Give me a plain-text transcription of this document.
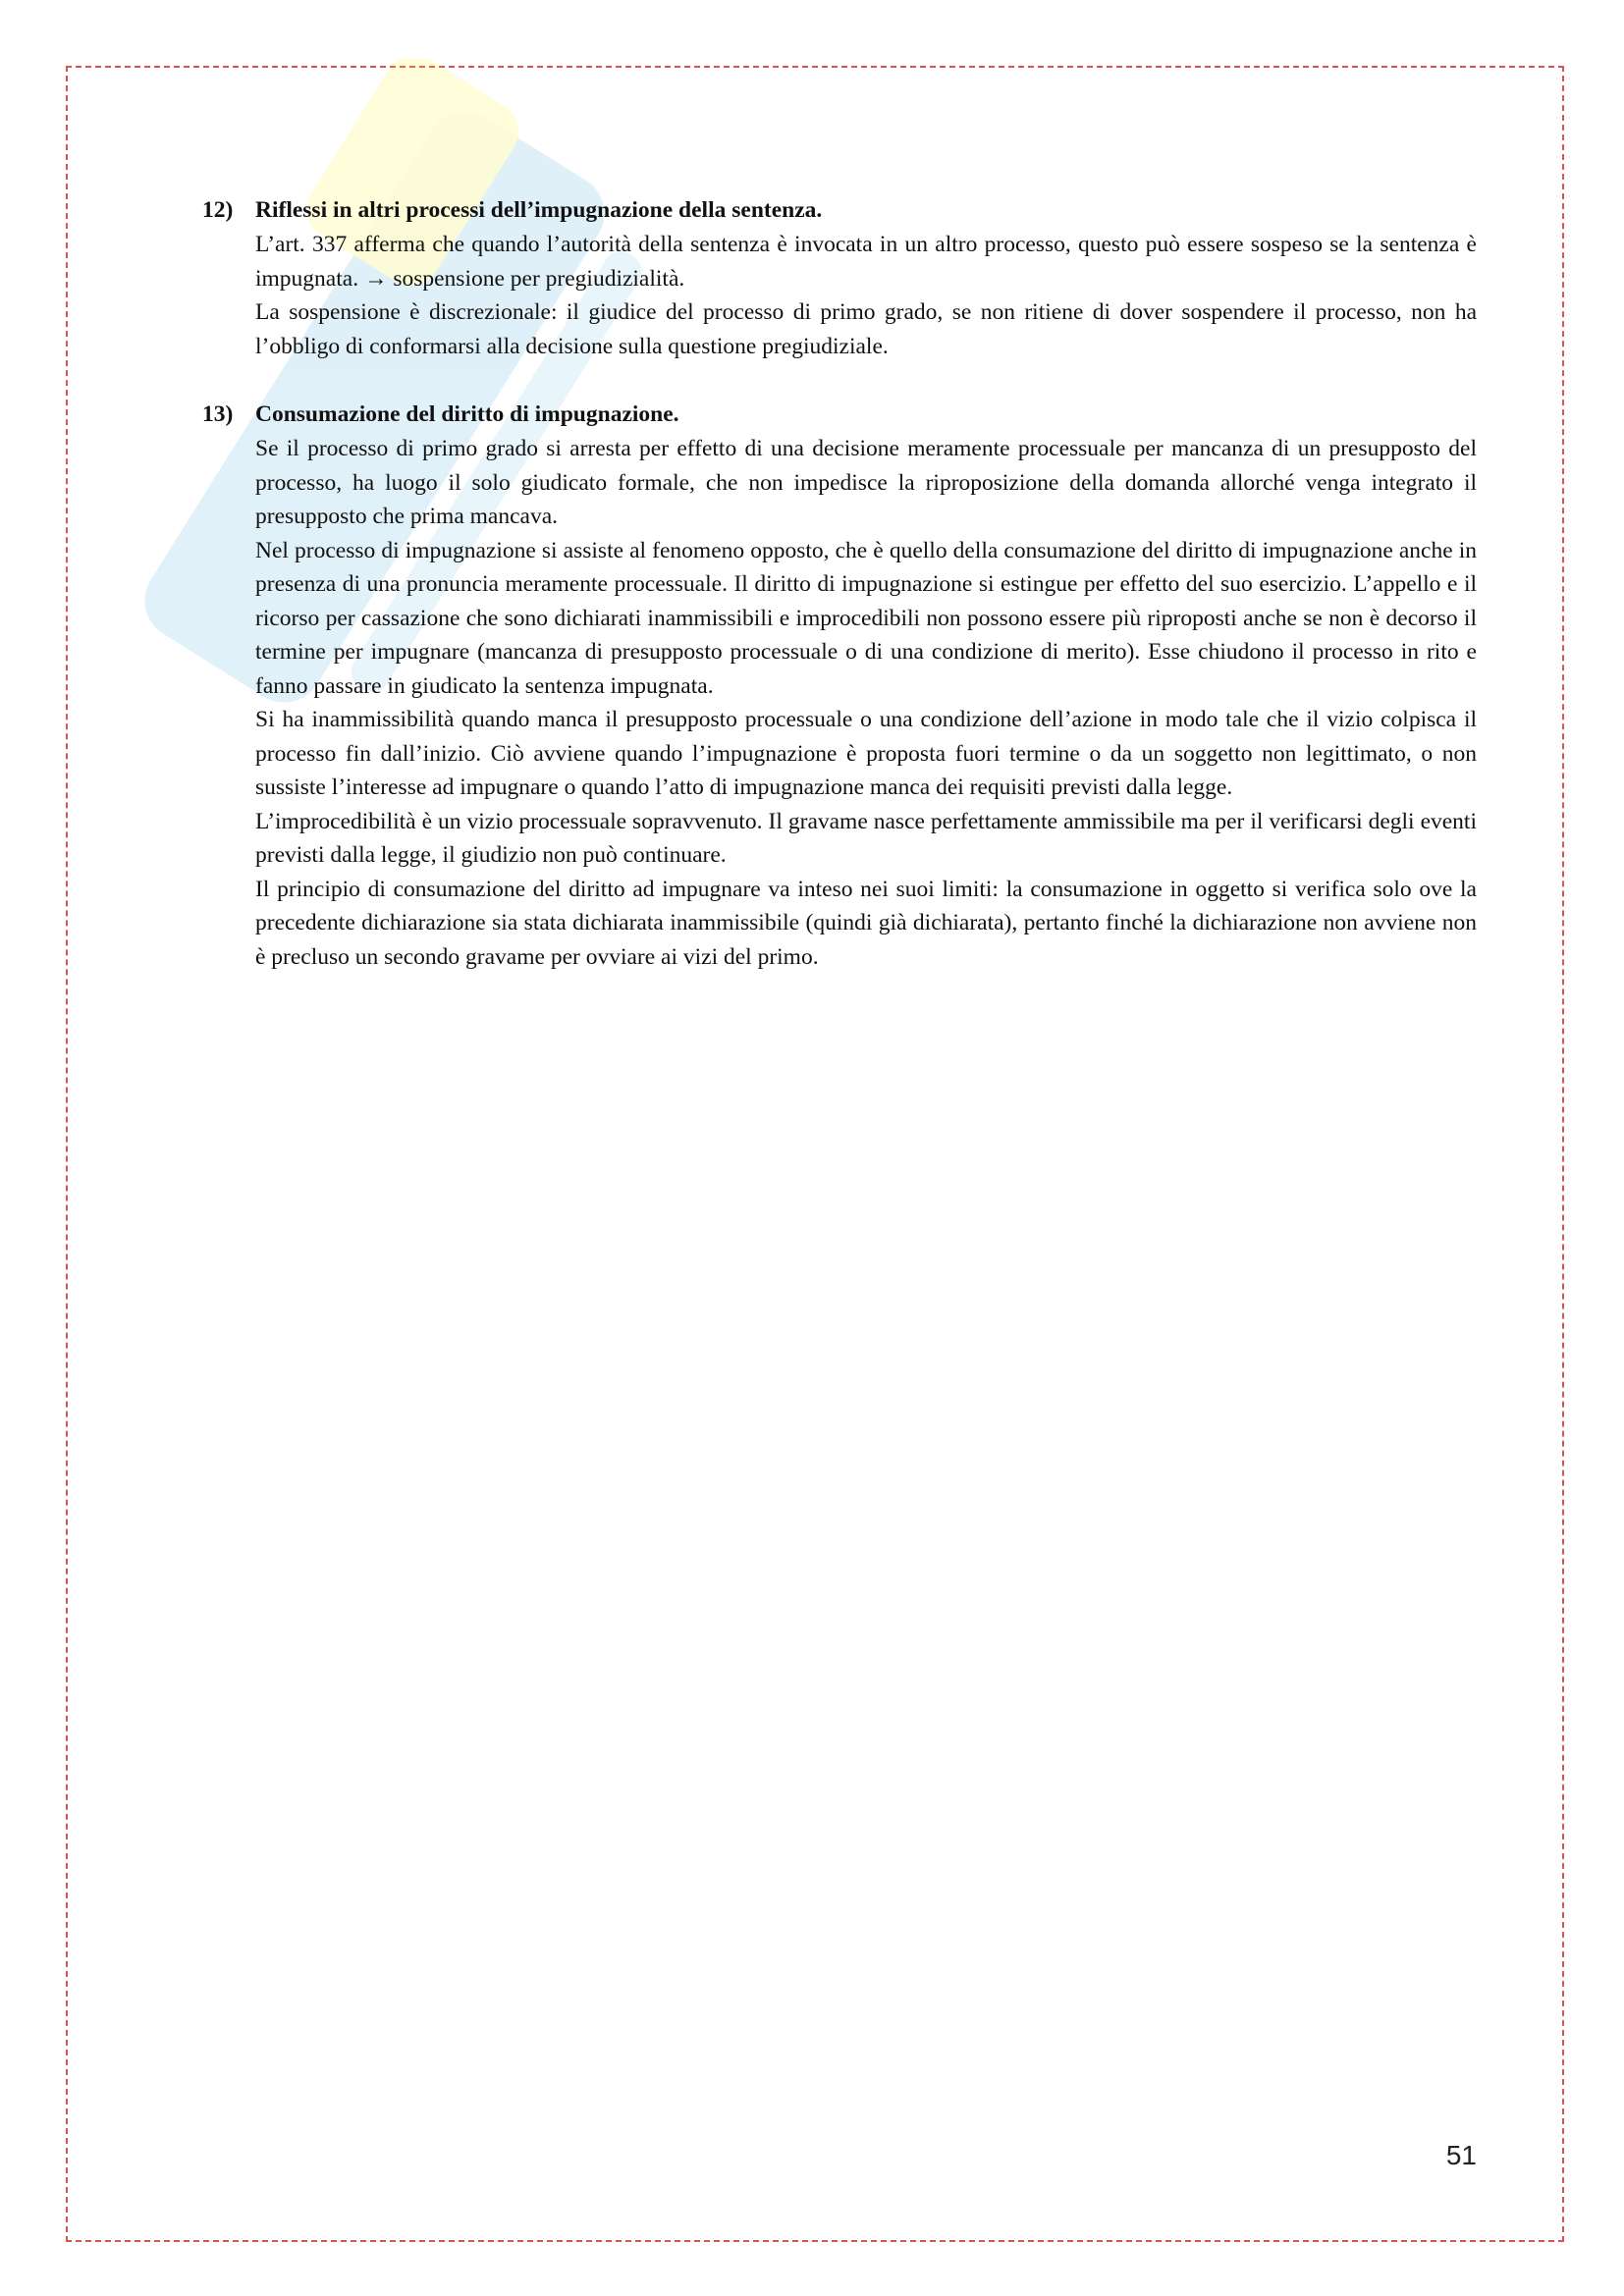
12) Riflessi in altri processi dell’impugnazione della sentenza.

L’art. 337 afferma che quando l’autorità della sentenza è invocata in un altro processo, questo può essere sospeso se la sentenza è impugnata. → sospensione per pregiudizialità.

La sospensione è discrezionale: il giudice del processo di primo grado, se non ritiene di dover sospendere il processo, non ha l’obbligo di conformarsi alla decisione sulla questione pregiudiziale.

13) Consumazione del diritto di impugnazione.

Se il processo di primo grado si arresta per effetto di una decisione meramente processuale per mancanza di un presupposto del processo, ha luogo il solo giudicato formale, che non impedisce la riproposizione della domanda allorché venga integrato il presupposto che prima mancava.

Nel processo di impugnazione si assiste al fenomeno opposto, che è quello della consumazione del diritto di impugnazione anche in presenza di una pronuncia meramente processuale. Il diritto di impugnazione si estingue per effetto del suo esercizio. L’appello e il ricorso per cassazione che sono dichiarati inammissibili e improcedibili non possono essere più riproposti anche se non è decorso il termine per impugnare (mancanza di presupposto processuale o di una condizione di merito). Esse chiudono il processo in rito e fanno passare in giudicato la sentenza impugnata.

Si ha inammissibilità quando manca il presupposto processuale o una condizione dell’azione in modo tale che il vizio colpisca il processo fin dall’inizio. Ciò avviene quando l’impugnazione è proposta fuori termine o da un soggetto non legittimato, o non sussiste l’interesse ad impugnare o quando l’atto di impugnazione manca dei requisiti previsti dalla legge.

L’improcedibilità è un vizio processuale sopravvenuto. Il gravame nasce perfettamente ammissibile ma per il verificarsi degli eventi previsti dalla legge, il giudizio non può continuare.

Il principio di consumazione del diritto ad impugnare va inteso nei suoi limiti: la consumazione in oggetto si verifica solo ove la precedente dichiarazione sia stata dichiarata inammissibile (quindi già dichiarata), pertanto finché la dichiarazione non avviene non è precluso un secondo gravame per ovviare ai vizi del primo.

51
